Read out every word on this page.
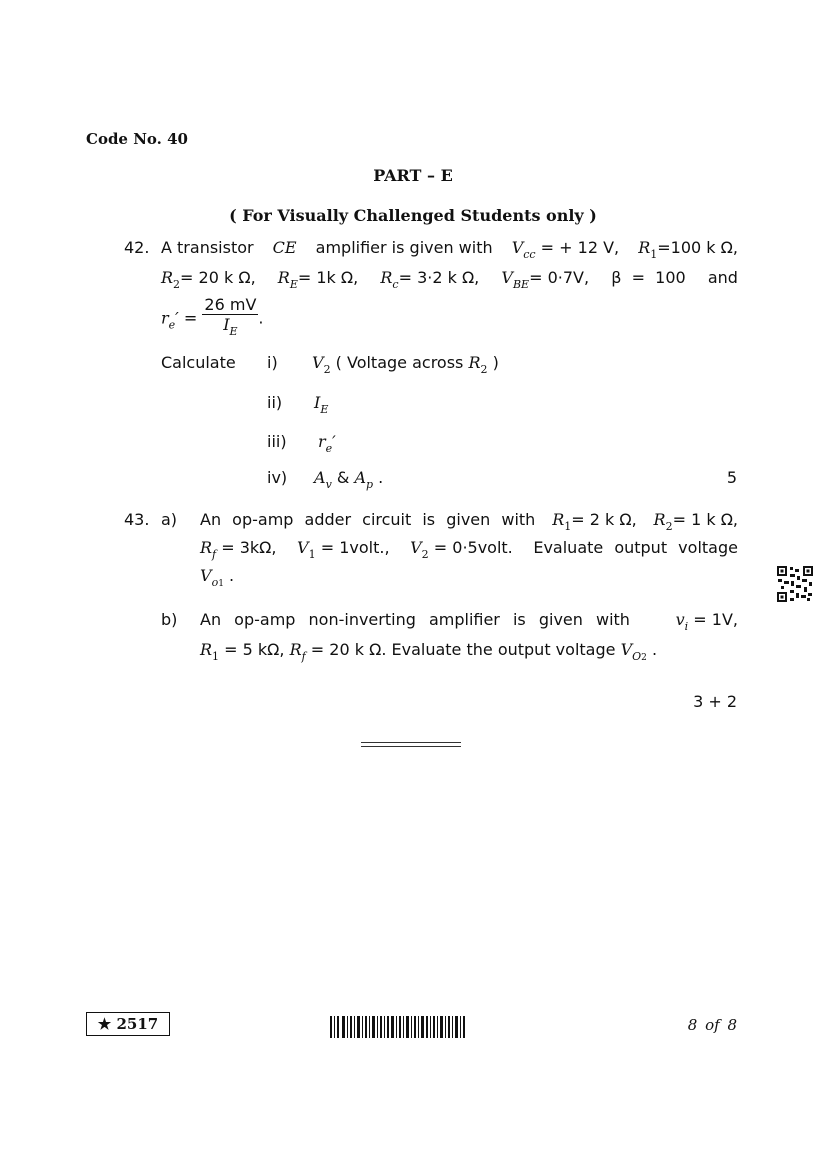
Code No. 40
PART – E
( For Visually Challenged Students only )
42. A transistor CE amplifier is given with $V_{cc}$ = + 12 V, $R_1=100$ k Ω,
$R_2= 20$ k Ω, $R_E= 1k$ Ω, $R_c= 3\cdot 2$ k Ω, $V_{BE}= 0\cdot 7V$, β  =  100 and
$r_e' = \frac{26 mV}{I_E}$ .
Calculate i) $V_2$ ( Voltage across $R_2$ )
ii) $I_E$
iii) $r_e'$
iv) $A_v$ & $A_p$ .	5
43. a) An op-amp adder circuit is given with $R_1= 2$ k Ω, $R_2= 1$ k Ω,
$R_f = 3k\Omega$, $V_1$ = 1volt., $V_2$ = 0·5volt. Evaluate output voltage
$V_{o1}$ .
b) An op-amp non-inverting amplifier is given with	$v_i = 1V$,
$R_1 = 5$ kΩ, $R_f = 20$ k Ω. Evaluate the output voltage $V_{O2}$ .
3 + 2
★ 2517	8 of 8
